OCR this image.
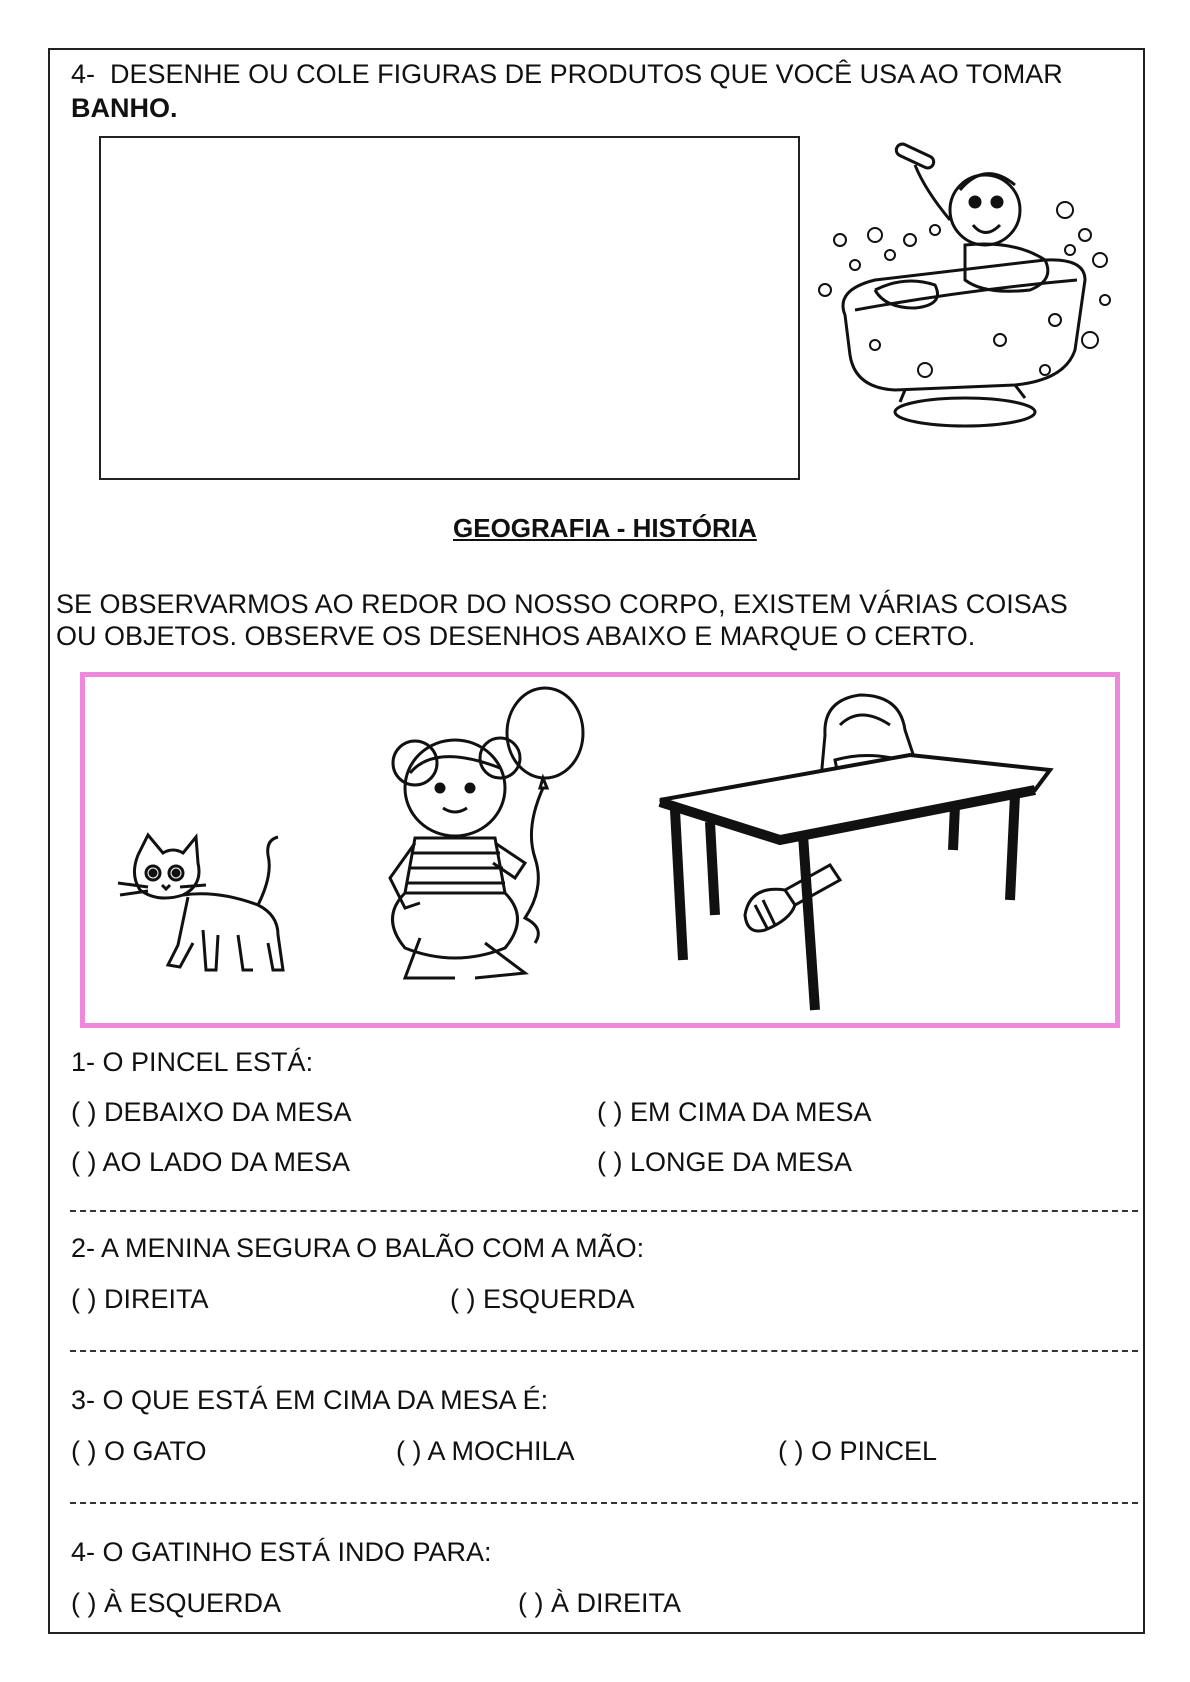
4- DESENHE OU COLE FIGURAS DE PRODUTOS QUE VOCÊ USA AO TOMAR
BANHO.
GEOGRAFIA - HISTÓRIA
SE OBSERVARMOS AO REDOR DO NOSSO CORPO, EXISTEM VÁRIAS COISAS
OU OBJETOS. OBSERVE OS DESENHOS ABAIXO E MARQUE O CERTO.
1- O PINCEL ESTÁ:
( ) DEBAIXO DA MESA	( ) EM CIMA DA MESA
( ) AO LADO DA MESA	( ) LONGE DA MESA
2- A MENINA SEGURA O BALÃO COM A MÃO:
( ) DIREITA	( ) ESQUERDA
3- O QUE ESTÁ EM CIMA DA MESA É:
( ) O GATO	( ) A MOCHILA	( ) O PINCEL
4- O GATINHO ESTÁ INDO PARA:
( ) À ESQUERDA	( ) À DIREITA
